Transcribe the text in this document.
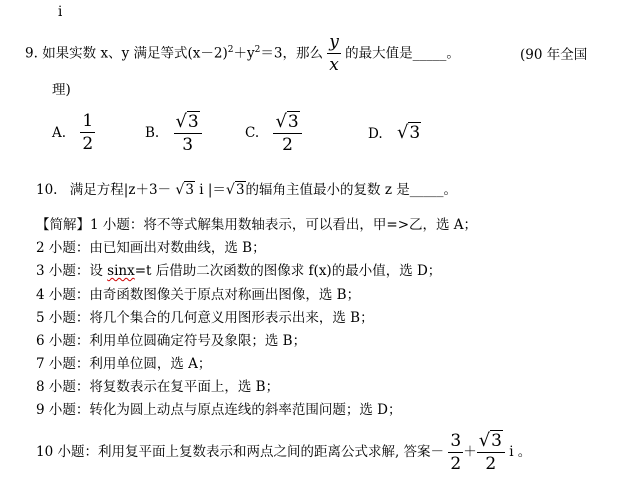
i
9. 如果实数 x、y 满足等式$(x-2)^2+y^2=3$，那么 $\frac{y}{x}$ 的最大值是_____。	(90 年全国
理)
A. $\frac{1}{2}$	B. $\frac{√3}{3}$	C. $\frac{√3}{2}$	D. √3
10. 满足方程|z＋3－ √3 i |＝√3的辐角主值最小的复数 z 是_____。
【简解】1 小题：将不等式解集用数轴表示，可以看出，甲=>乙，选 A；
2 小题：由已知画出对数曲线，选 B；
3 小题：设 sinx=t 后借助二次函数的图像求 f(x)的最小值，选 D；
4 小题：由奇函数图像关于原点对称画出图像，选 B；
5 小题：将几个集合的几何意义用图形表示出来，选 B；
6 小题：利用单位圆确定符号及象限；选 B；
7 小题：利用单位圆，选 A；
8 小题：将复数表示在复平面上，选 B；
9 小题：转化为圆上动点与原点连线的斜率范围问题；选 D；
10 小题：利用复平面上复数表示和两点之间的距离公式求解, 答案－ $\frac{3}{2} + \frac{√3}{2}$ i 。
